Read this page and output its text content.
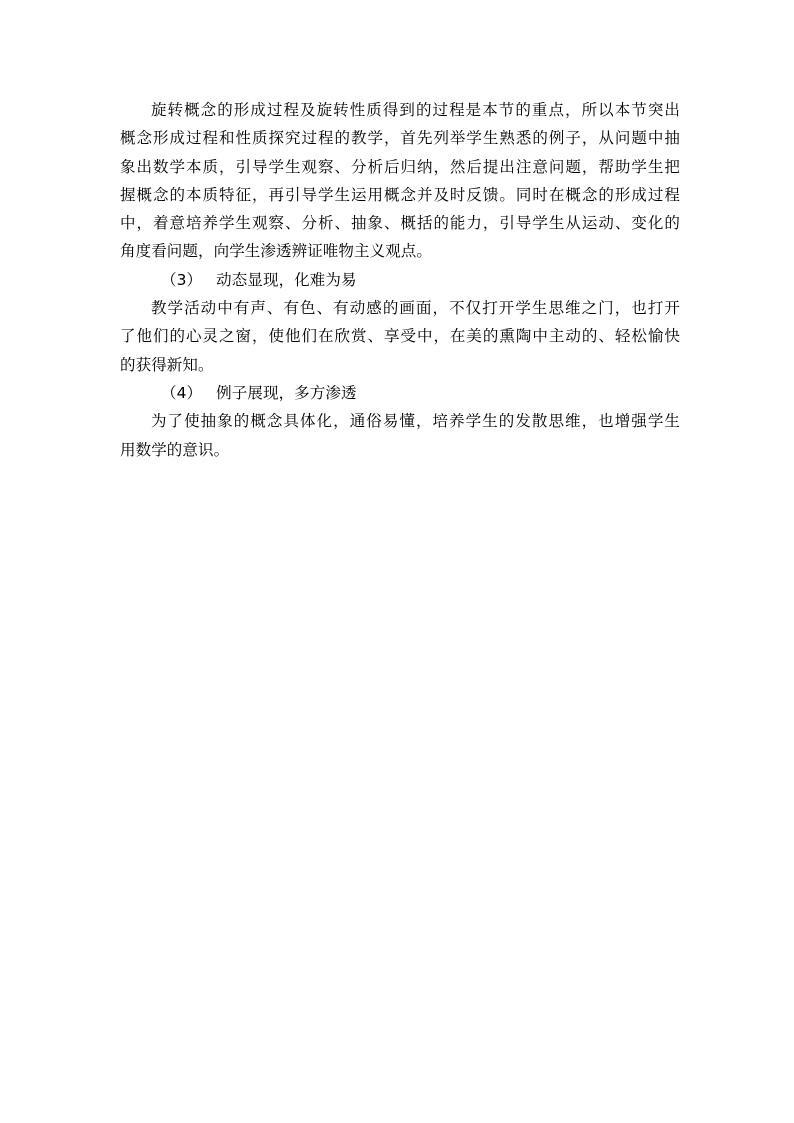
旋转概念的形成过程及旋转性质得到的过程是本节的重点，所以本节突出
概念形成过程和性质探究过程的教学，首先列举学生熟悉的例子，从问题中抽
象出数学本质，引导学生观察、分析后归纳，然后提出注意问题，帮助学生把
握概念的本质特征，再引导学生运用概念并及时反馈。同时在概念的形成过程
中，着意培养学生观察、分析、抽象、概括的能力，引导学生从运动、变化的
角度看问题，向学生渗透辨证唯物主义观点。
（3） 动态显现，化难为易
教学活动中有声、有色、有动感的画面，不仅打开学生思维之门，也打开
了他们的心灵之窗，使他们在欣赏、享受中，在美的熏陶中主动的、轻松愉快
的获得新知。
（4） 例子展现，多方渗透
为了使抽象的概念具体化，通俗易懂，培养学生的发散思维，也增强学生
用数学的意识。
